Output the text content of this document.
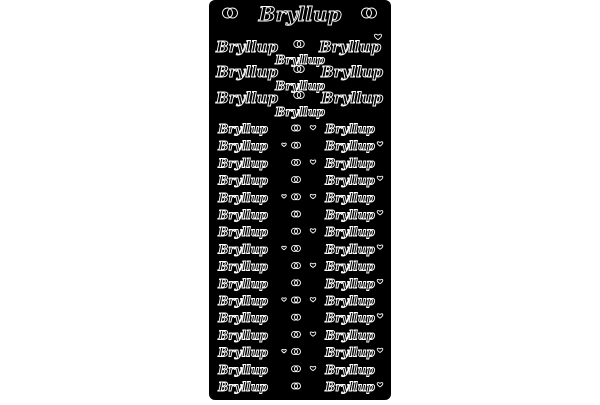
Bryllup
Bryllup	Bryllup
Bryllup	Bryllup
Bryllup	Bryllup
Bryllup
Bryllup
Bryllup
Bryllup	Bryllup
Bryllup	Bryllup
Bryllup	Bryllup
Bryllup	Bryllup
Bryllup	Bryllup
Bryllup	Bryllup
Bryllup	Bryllup
Bryllup	Bryllup
Bryllup	Bryllup
Bryllup	Bryllup
Bryllup	Bryllup
Bryllup	Bryllup
Bryllup	Bryllup
Bryllup	Bryllup
Bryllup	Bryllup
Bryllup	Bryllup
